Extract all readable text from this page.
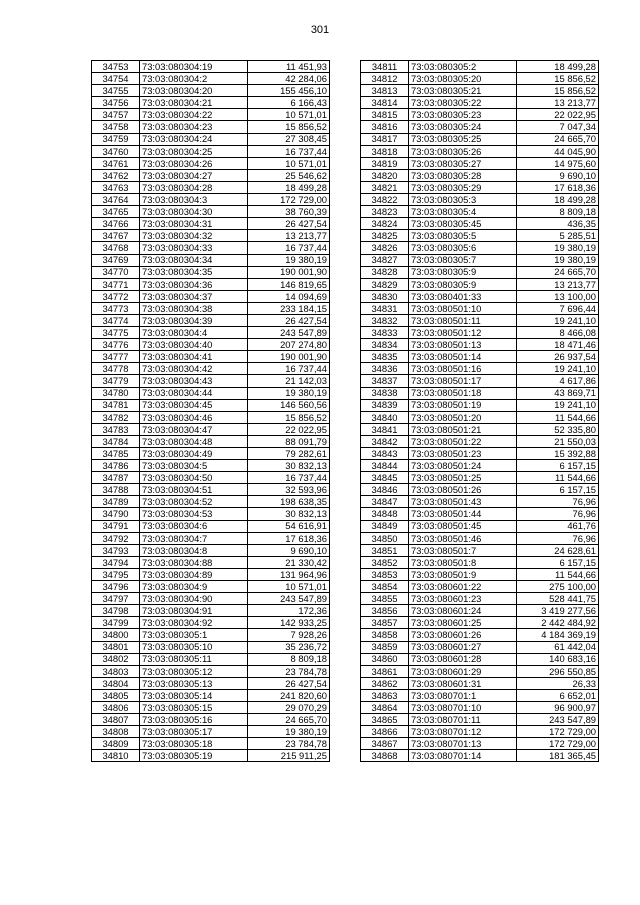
301
34753	73:03:080304:19	11 451,93
34754	73:03:080304:2	42 284,06
34755	73:03:080304:20	155 456,10
34756	73:03:080304:21	6 166,43
34757	73:03:080304:22	10 571,01
34758	73:03:080304:23	15 856,52
34759	73:03:080304:24	27 308,45
34760	73:03:080304:25	16 737,44
34761	73:03:080304:26	10 571,01
34762	73:03:080304:27	25 546,62
34763	73:03:080304:28	18 499,28
34764	73:03:080304:3	172 729,00
34765	73:03:080304:30	38 760,39
34766	73:03:080304:31	26 427,54
34767	73:03:080304:32	13 213,77
34768	73:03:080304:33	16 737,44
34769	73:03:080304:34	19 380,19
34770	73:03:080304:35	190 001,90
34771	73:03:080304:36	146 819,65
34772	73:03:080304:37	14 094,69
34773	73:03:080304:38	233 184,15
34774	73:03:080304:39	26 427,54
34775	73:03:080304:4	243 547,89
34776	73:03:080304:40	207 274,80
34777	73:03:080304:41	190 001,90
34778	73:03:080304:42	16 737,44
34779	73:03:080304:43	21 142,03
34780	73:03:080304:44	19 380,19
34781	73:03:080304:45	146 560,56
34782	73:03:080304:46	15 856,52
34783	73:03:080304:47	22 022,95
34784	73:03:080304:48	88 091,79
34785	73:03:080304:49	79 282,61
34786	73:03:080304:5	30 832,13
34787	73:03:080304:50	16 737,44
34788	73:03:080304:51	32 593,96
34789	73:03:080304:52	198 638,35
34790	73:03:080304:53	30 832,13
34791	73:03:080304:6	54 616,91
34792	73:03:080304:7	17 618,36
34793	73:03:080304:8	9 690,10
34794	73:03:080304:88	21 330,42
34795	73:03:080304:89	131 964,96
34796	73:03:080304:9	10 571,01
34797	73:03:080304:90	243 547,89
34798	73:03:080304:91	172,36
34799	73:03:080304:92	142 933,25
34800	73:03:080305:1	7 928,26
34801	73:03:080305:10	35 236,72
34802	73:03:080305:11	8 809,18
34803	73:03:080305:12	23 784,78
34804	73:03:080305:13	26 427,54
34805	73:03:080305:14	241 820,60
34806	73:03:080305:15	29 070,29
34807	73:03:080305:16	24 665,70
34808	73:03:080305:17	19 380,19
34809	73:03:080305:18	23 784,78
34810	73:03:080305:19	215 911,25
34811	73:03:080305:2	18 499,28
34812	73:03:080305:20	15 856,52
34813	73:03:080305:21	15 856,52
34814	73:03:080305:22	13 213,77
34815	73:03:080305:23	22 022,95
34816	73:03:080305:24	7 047,34
34817	73:03:080305:25	24 665,70
34818	73:03:080305:26	44 045,90
34819	73:03:080305:27	14 975,60
34820	73:03:080305:28	9 690,10
34821	73:03:080305:29	17 618,36
34822	73:03:080305:3	18 499,28
34823	73:03:080305:4	8 809,18
34824	73:03:080305:45	436,35
34825	73:03:080305:5	5 285,51
34826	73:03:080305:6	19 380,19
34827	73:03:080305:7	19 380,19
34828	73:03:080305:9	24 665,70
34829	73:03:080305:9	13 213,77
34830	73:03:080401:33	13 100,00
34831	73:03:080501:10	7 696,44
34832	73:03:080501:11	19 241,10
34833	73:03:080501:12	8 466,08
34834	73:03:080501:13	18 471,46
34835	73:03:080501:14	26 937,54
34836	73:03:080501:16	19 241,10
34837	73:03:080501:17	4 617,86
34838	73:03:080501:18	43 869,71
34839	73:03:080501:19	19 241,10
34840	73:03:080501:20	11 544,66
34841	73:03:080501:21	52 335,80
34842	73:03:080501:22	21 550,03
34843	73:03:080501:23	15 392,88
34844	73:03:080501:24	6 157,15
34845	73:03:080501:25	11 544,66
34846	73:03:080501:26	6 157,15
34847	73:03:080501:43	76,96
34848	73:03:080501:44	76,96
34849	73:03:080501:45	461,76
34850	73:03:080501:46	76,96
34851	73:03:080501:7	24 628,61
34852	73:03:080501:8	6 157,15
34853	73:03:080501:9	11 544,66
34854	73:03:080601:22	275 100,00
34855	73:03:080601:23	528 441,75
34856	73:03:080601:24	3 419 277,56
34857	73:03:080601:25	2 442 484,92
34858	73:03:080601:26	4 184 369,19
34859	73:03:080601:27	61 442,04
34860	73:03:080601:28	140 683,16
34861	73:03:080601:29	296 550,85
34862	73:03:080601:31	26,33
34863	73:03:080701:1	6 652,01
34864	73:03:080701:10	96 900,97
34865	73:03:080701:11	243 547,89
34866	73:03:080701:12	172 729,00
34867	73:03:080701:13	172 729,00
34868	73:03:080701:14	181 365,45
